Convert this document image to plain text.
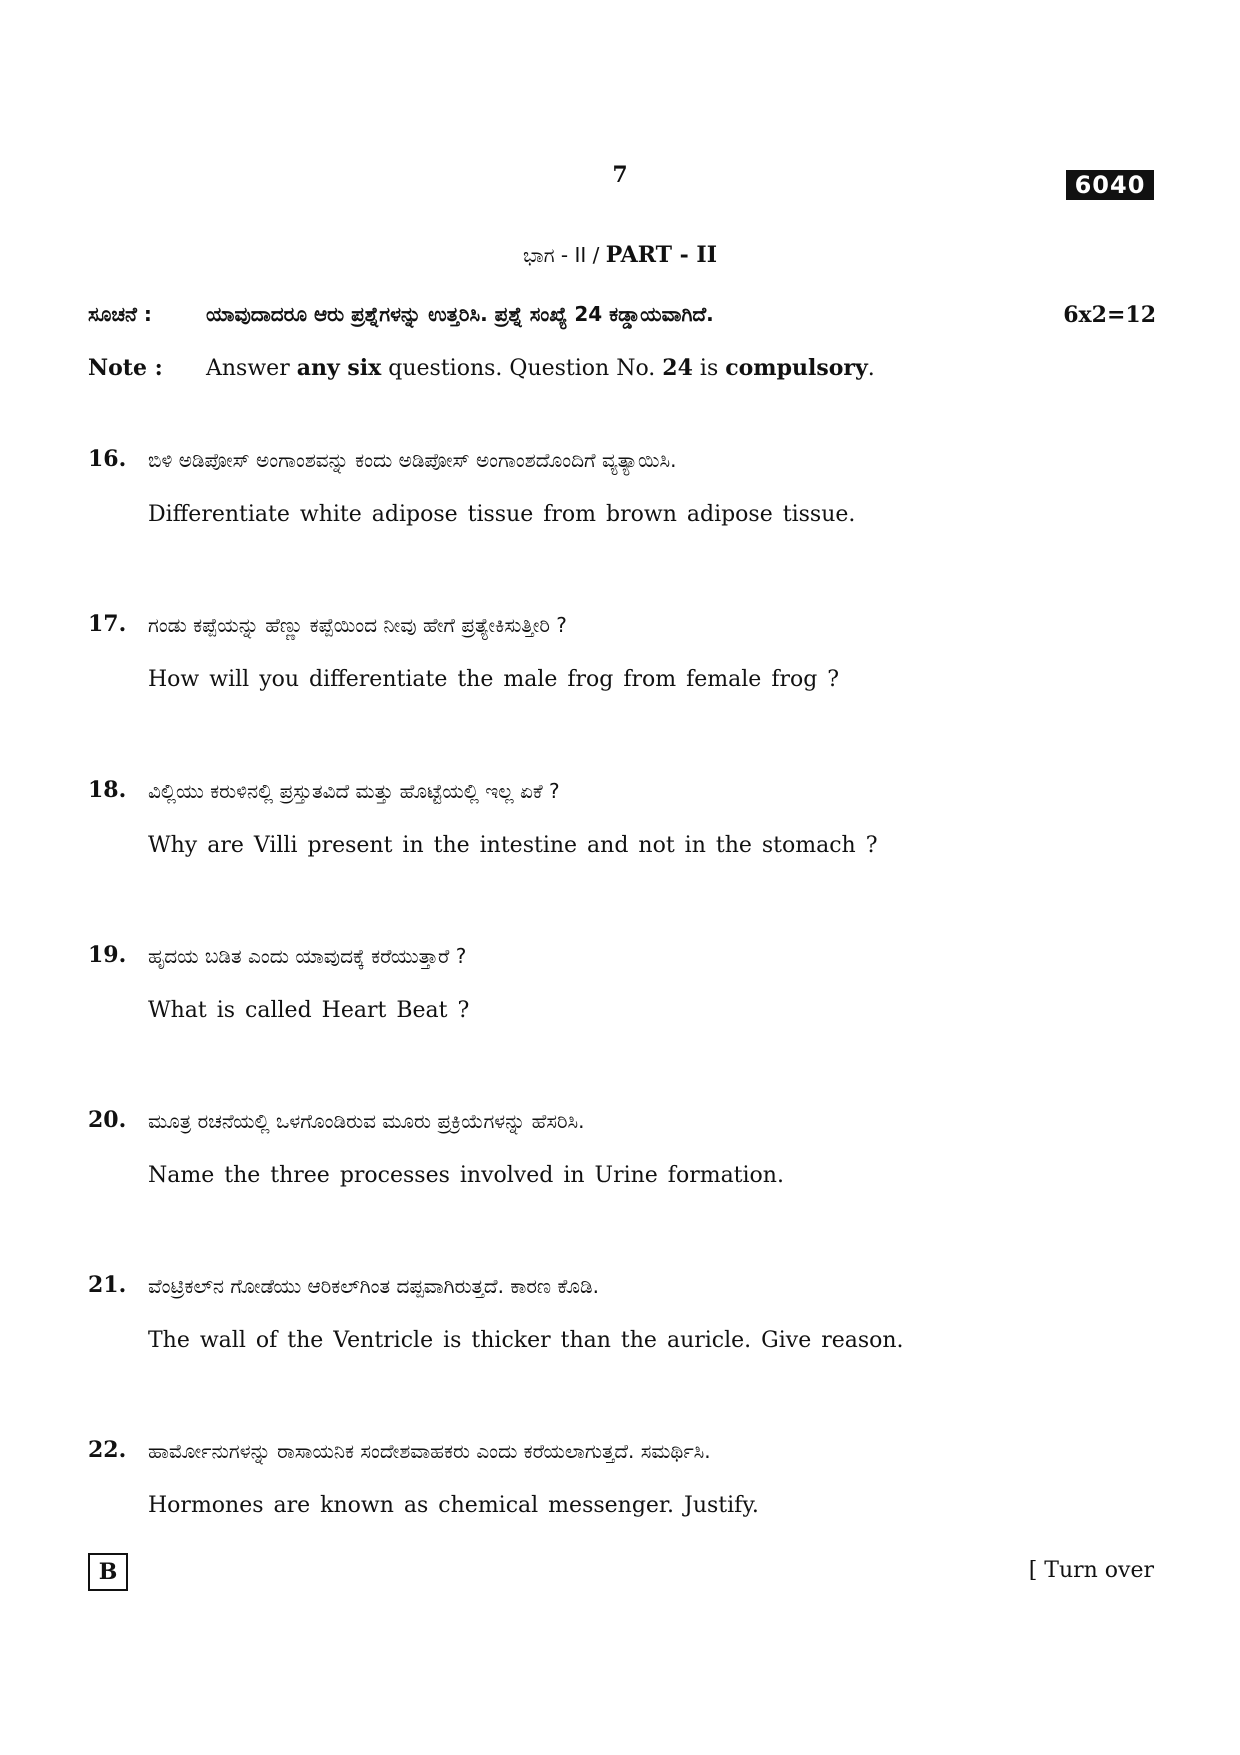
7	6040
ಭಾಗ - II / PART - II
ಸೂಚನೆ :	ಯಾವುದಾದರೂ ಆರು ಪ್ರಶ್ನೆಗಳನ್ನು ಉತ್ತರಿಸಿ. ಪ್ರಶ್ನೆ ಸಂಖ್ಯೆ 24 ಕಡ್ಡಾಯವಾಗಿದೆ.	6x2=12
Note : Answer any six questions. Question No. 24 is compulsory.
16. ಬಿಳಿ ಅಡಿಪೋಸ್ ಅಂಗಾಂಶವನ್ನು ಕಂದು ಅಡಿಪೋಸ್ ಅಂಗಾಂಶದೊಂದಿಗೆ ವ್ಯತ್ಯಾಯಿಸಿ.
Differentiate white adipose tissue from brown adipose tissue.
17. ಗಂಡು ಕಪ್ಪೆಯನ್ನು ಹೆಣ್ಣು ಕಪ್ಪೆಯಿಂದ ನೀವು ಹೇಗೆ ಪ್ರತ್ಯೇಕಿಸುತ್ತೀರಿ ?
How will you differentiate the male frog from female frog ?
18. ವಿಲ್ಲಿಯು ಕರುಳಿನಲ್ಲಿ ಪ್ರಸ್ತುತವಿದೆ ಮತ್ತು ಹೊಟ್ಟೆಯಲ್ಲಿ ಇಲ್ಲ ಏಕೆ ?
Why are Villi present in the intestine and not in the stomach ?
19. ಹೃದಯ ಬಡಿತ ಎಂದು ಯಾವುದಕ್ಕೆ ಕರೆಯುತ್ತಾರೆ ?
What is called Heart Beat ?
20. ಮೂತ್ರ ರಚನೆಯಲ್ಲಿ ಒಳಗೊಂಡಿರುವ ಮೂರು ಪ್ರಕ್ರಿಯೆಗಳನ್ನು ಹೆಸರಿಸಿ.
Name the three processes involved in Urine formation.
21. ವೆಂಟ್ರಿಕಲ್‌ನ ಗೋಡೆಯು ಆರಿಕಲ್‌ಗಿಂತ ದಪ್ಪವಾಗಿರುತ್ತದೆ. ಕಾರಣ ಕೊಡಿ.
The wall of the Ventricle is thicker than the auricle. Give reason.
22. ಹಾರ್ಮೋನುಗಳನ್ನು ರಾಸಾಯನಿಕ ಸಂದೇಶವಾಹಕರು ಎಂದು ಕರೆಯಲಾಗುತ್ತದೆ. ಸಮರ್ಥಿಸಿ.
Hormones are known as chemical messenger. Justify.
B	[ Turn over
